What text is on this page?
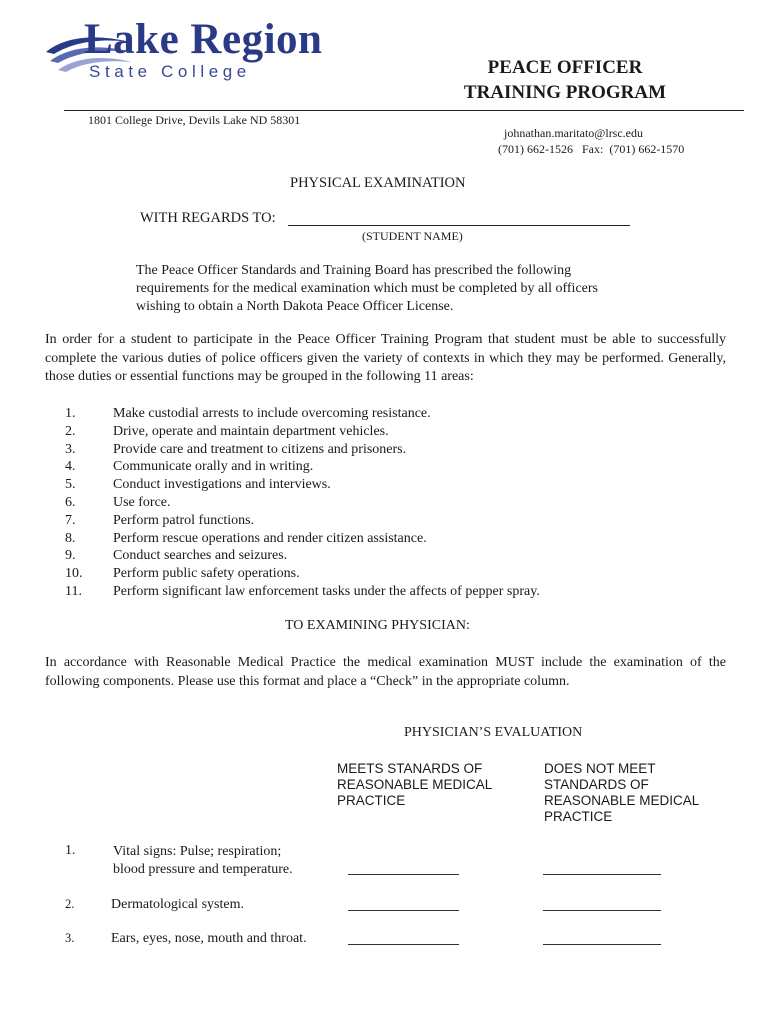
Lake Region
State College	PEACE OFFICER
TRAINING PROGRAM
1801 College Drive, Devils Lake ND 58301
johnathan.maritato@lrsc.edu
(701) 662-1526   Fax:  (701) 662-1570
PHYSICAL EXAMINATION
WITH REGARDS TO:
(STUDENT NAME)
The Peace Officer Standards and Training Board has prescribed the following requirements for the medical examination which must be completed by all officers wishing to obtain a North Dakota Peace Officer License.
In order for a student to participate in the Peace Officer Training Program that student must be able to successfully complete the various duties of police officers given the variety of contexts in which they may be performed. Generally, those duties or essential functions may be grouped in the following 11 areas:
1.	Make custodial arrests to include overcoming resistance.
2.	Drive, operate and maintain department vehicles.
3.	Provide care and treatment to citizens and prisoners.
4.	Communicate orally and in writing.
5.	Conduct investigations and interviews.
6.	Use force.
7.	Perform patrol functions.
8.	Perform rescue operations and render citizen assistance.
9.	Conduct searches and seizures.
10.	Perform public safety operations.
11.	Perform significant law enforcement tasks under the affects of pepper spray.
TO EXAMINING PHYSICIAN:
In accordance with Reasonable Medical Practice the medical examination MUST include the examination of the following components. Please use this format and place a “Check” in the appropriate column.
PHYSICIAN’S EVALUATION
MEETS STANARDS OF
REASONABLE MEDICAL
PRACTICE
DOES NOT MEET
STANDARDS OF
REASONABLE MEDICAL
PRACTICE
1.	Vital signs: Pulse; respiration;
blood pressure and temperature.
2.	Dermatological system.
3.	Ears, eyes, nose, mouth and throat.
